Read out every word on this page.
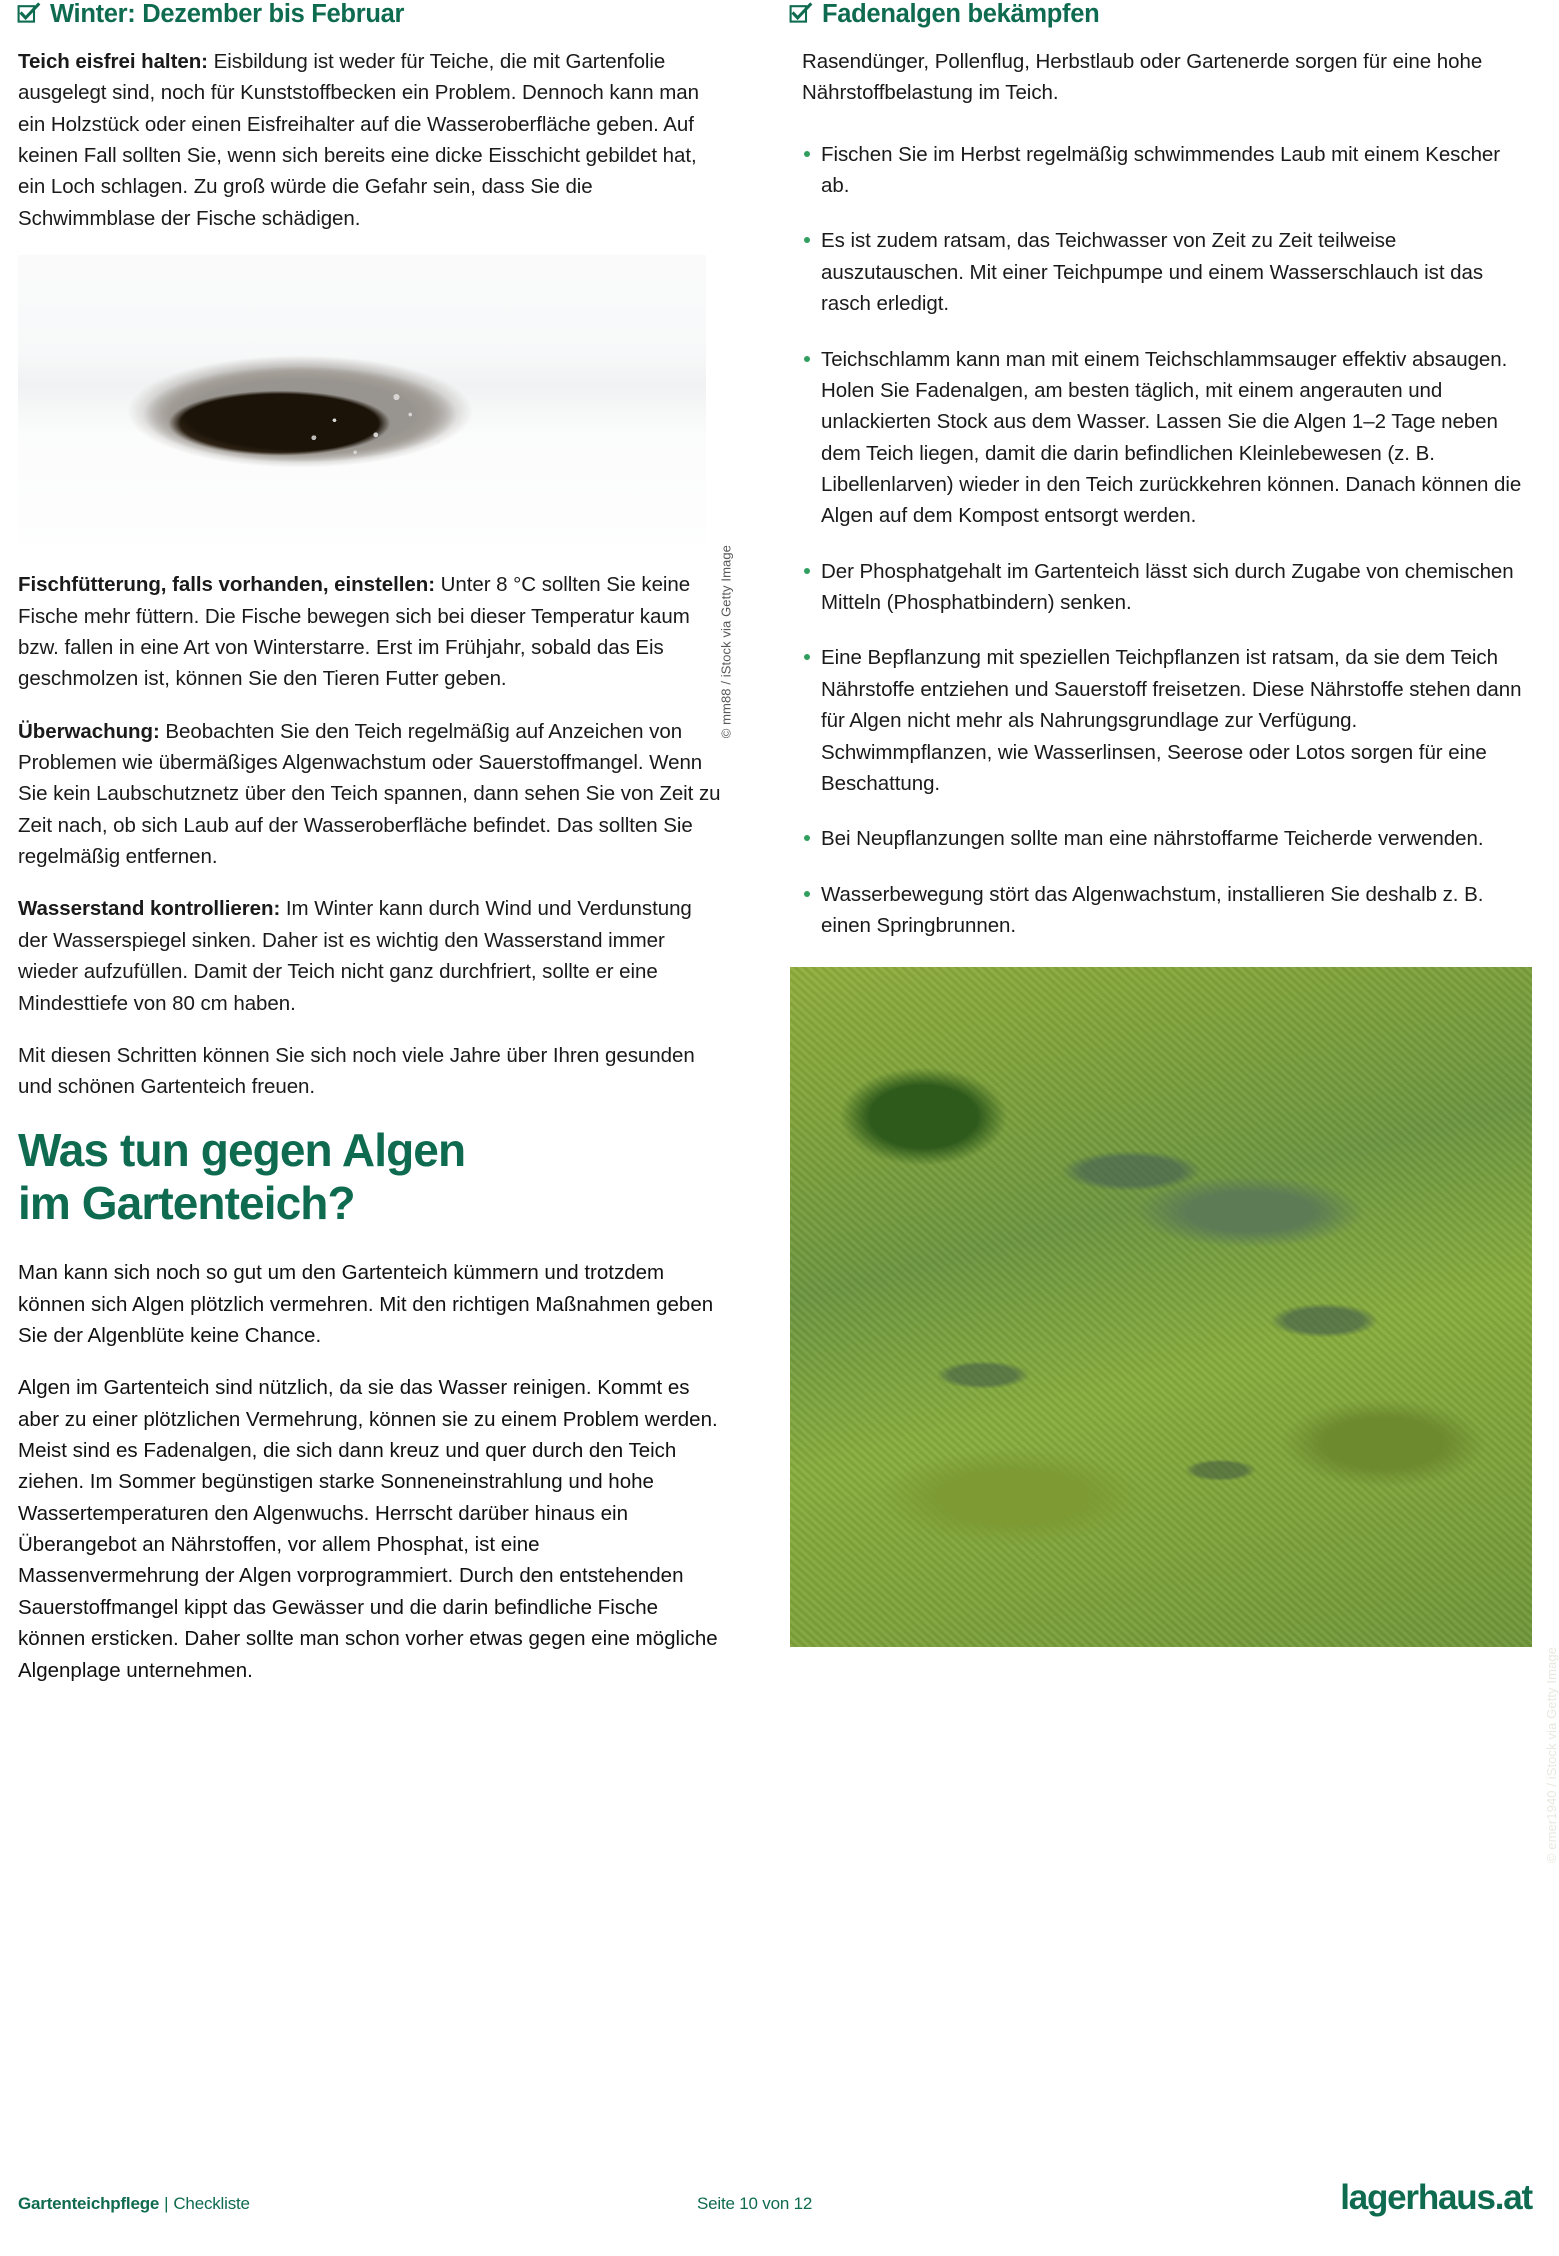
Winter: Dezember bis Februar

Teich eisfrei halten: Eisbildung ist weder für Teiche, die mit Gartenfolie ausgelegt sind, noch für Kunststoffbecken ein Problem. Dennoch kann man ein Holzstück oder einen Eisfreihalter auf die Wasseroberfläche geben. Auf keinen Fall sollten Sie, wenn sich bereits eine dicke Eisschicht gebildet hat, ein Loch schlagen. Zu groß würde die Gefahr sein, dass Sie die Schwimmblase der Fische schädigen.

© mm88 / iStock via Getty Image

Fischfütterung, falls vorhanden, einstellen: Unter 8 °C sollten Sie keine Fische mehr füttern. Die Fische bewegen sich bei dieser Temperatur kaum bzw. fallen in eine Art von Winterstarre. Erst im Frühjahr, sobald das Eis geschmolzen ist, können Sie den Tieren Futter geben.

Überwachung: Beobachten Sie den Teich regelmäßig auf Anzeichen von Problemen wie übermäßiges Algenwachstum oder Sauerstoffmangel. Wenn Sie kein Laubschutznetz über den Teich spannen, dann sehen Sie von Zeit zu Zeit nach, ob sich Laub auf der Wasseroberfläche befindet. Das sollten Sie regelmäßig entfernen.

Wasserstand kontrollieren: Im Winter kann durch Wind und Verdunstung der Wasserspiegel sinken. Daher ist es wichtig den Wasserstand immer wieder aufzufüllen. Damit der Teich nicht ganz durchfriert, sollte er eine Mindesttiefe von 80 cm haben.

Mit diesen Schritten können Sie sich noch viele Jahre über Ihren gesunden und schönen Gartenteich freuen.

Was tun gegen Algen
im Gartenteich?

Man kann sich noch so gut um den Gartenteich kümmern und trotzdem können sich Algen plötzlich vermehren. Mit den richtigen Maßnahmen geben Sie der Algenblüte keine Chance.

Algen im Gartenteich sind nützlich, da sie das Wasser reinigen. Kommt es aber zu einer plötzlichen Vermehrung, können sie zu einem Problem werden. Meist sind es Fadenalgen, die sich dann kreuz und quer durch den Teich ziehen. Im Sommer begünstigen starke Sonneneinstrahlung und hohe Wassertemperaturen den Algenwuchs. Herrscht darüber hinaus ein Überangebot an Nährstoffen, vor allem Phosphat, ist eine Massenvermehrung der Algen vorprogrammiert. Durch den entstehenden Sauerstoffmangel kippt das Gewässer und die darin befindliche Fische können ersticken. Daher sollte man schon vorher etwas gegen eine mögliche Algenplage unternehmen.

Fadenalgen bekämpfen

Rasendünger, Pollenflug, Herbstlaub oder Gartenerde sorgen für eine hohe Nährstoffbelastung im Teich.

Fischen Sie im Herbst regelmäßig schwimmendes Laub mit einem Kescher ab.
Es ist zudem ratsam, das Teichwasser von Zeit zu Zeit teilweise auszutauschen. Mit einer Teichpumpe und einem Wasserschlauch ist das rasch erledigt.
Teichschlamm kann man mit einem Teichschlammsauger effektiv absaugen. Holen Sie Fadenalgen, am besten täglich, mit einem angerauten und unlackierten Stock aus dem Wasser. Lassen Sie die Algen 1–2 Tage neben dem Teich liegen, damit die darin befindlichen Kleinlebewesen (z. B. Libellenlarven) wieder in den Teich zurückkehren können. Danach können die Algen auf dem Kompost entsorgt werden.
Der Phosphatgehalt im Gartenteich lässt sich durch Zugabe von chemischen Mitteln (Phosphatbindern) senken.
Eine Bepflanzung mit speziellen Teichpflanzen ist ratsam, da sie dem Teich Nährstoffe entziehen und Sauerstoff freisetzen. Diese Nährstoffe stehen dann für Algen nicht mehr als Nahrungsgrundlage zur Verfügung. Schwimmpflanzen, wie Wasserlinsen, Seerose oder Lotos sorgen für eine Beschattung.
Bei Neupflanzungen sollte man eine nährstoffarme Teicherde verwenden.
Wasserbewegung stört das Algenwachstum, installieren Sie deshalb z. B. einen Springbrunnen.
© emer1940 / iStock via Getty Image
Gartenteichpflege | Checkliste	Seite 10 von 12	lagerhaus.at
